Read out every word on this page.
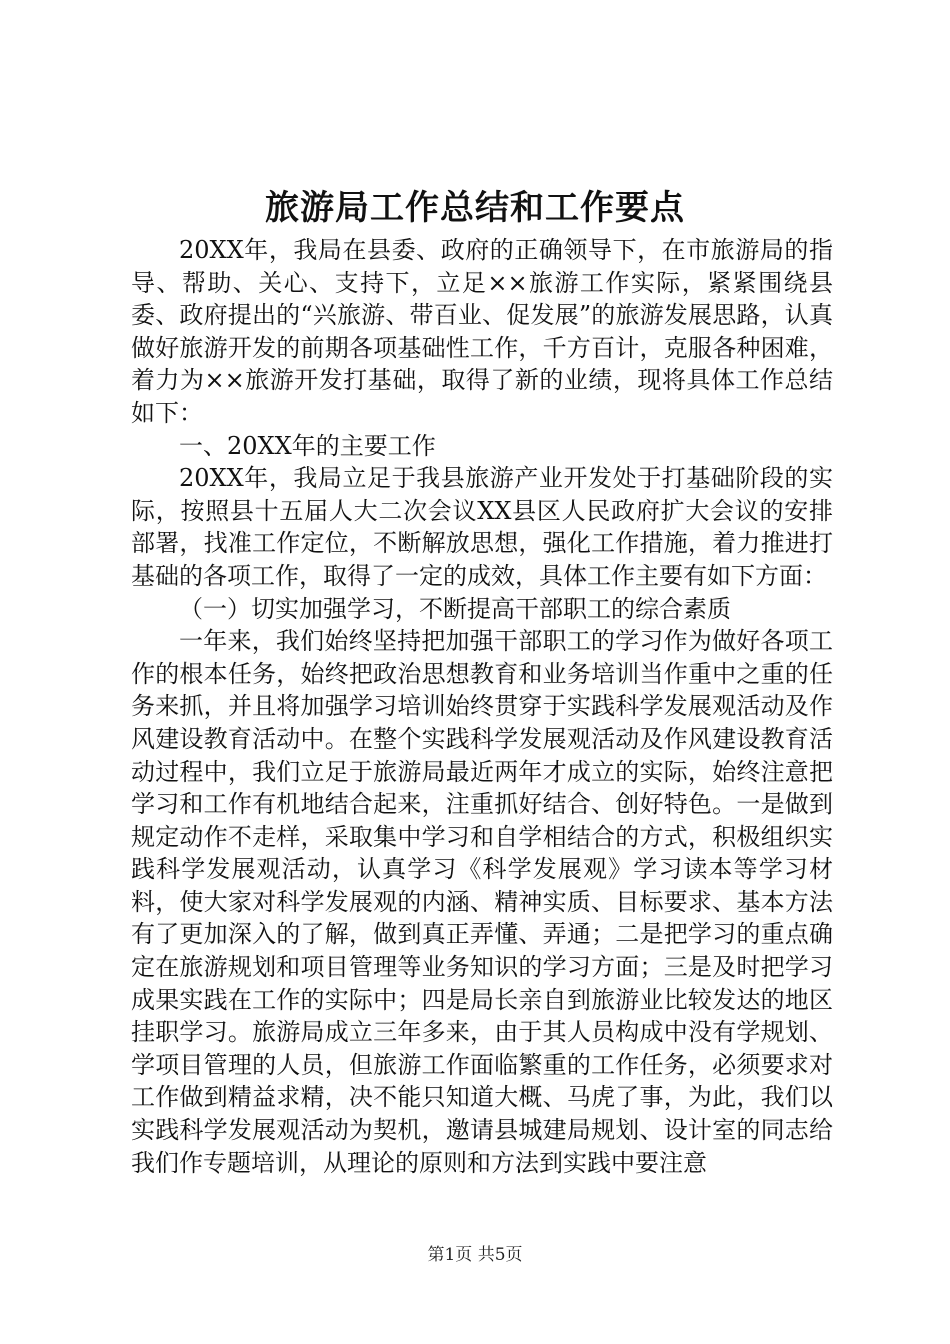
旅游局工作总结和工作要点

20XX年，我局在县委、政府的正确领导下，在市旅游局的指导、帮助、关心、支持下，立足××旅游工作实际，紧紧围绕县委、政府提出的“兴旅游、带百业、促发展”的旅游发展思路，认真做好旅游开发的前期各项基础性工作，千方百计，克服各种困难，着力为××旅游开发打基础，取得了新的业绩，现将具体工作总结如下：

一、20XX年的主要工作

20XX年，我局立足于我县旅游产业开发处于打基础阶段的实际，按照县十五届人大二次会议XX县区人民政府扩大会议的安排部署，找准工作定位，不断解放思想，强化工作措施，着力推进打基础的各项工作，取得了一定的成效，具体工作主要有如下方面：

（一）切实加强学习，不断提高干部职工的综合素质

一年来，我们始终坚持把加强干部职工的学习作为做好各项工作的根本任务，始终把政治思想教育和业务培训当作重中之重的任务来抓，并且将加强学习培训始终贯穿于实践科学发展观活动及作风建设教育活动中。在整个实践科学发展观活动及作风建设教育活动过程中，我们立足于旅游局最近两年才成立的实际，始终注意把学习和工作有机地结合起来，注重抓好结合、创好特色。一是做到规定动作不走样，采取集中学习和自学相结合的方式，积极组织实践科学发展观活动，认真学习《科学发展观》学习读本等学习材料，使大家对科学发展观的内涵、精神实质、目标要求、基本方法有了更加深入的了解，做到真正弄懂、弄通；二是把学习的重点确定在旅游规划和项目管理等业务知识的学习方面；三是及时把学习成果实践在工作的实际中；四是局长亲自到旅游业比较发达的地区挂职学习。旅游局成立三年多来，由于其人员构成中没有学规划、学项目管理的人员，但旅游工作面临繁重的工作任务，必须要求对工作做到精益求精，决不能只知道大概、马虎了事，为此，我们以实践科学发展观活动为契机，邀请县城建局规划、设计室的同志给我们作专题培训，从理论的原则和方法到实践中要注意

第1页 共5页
